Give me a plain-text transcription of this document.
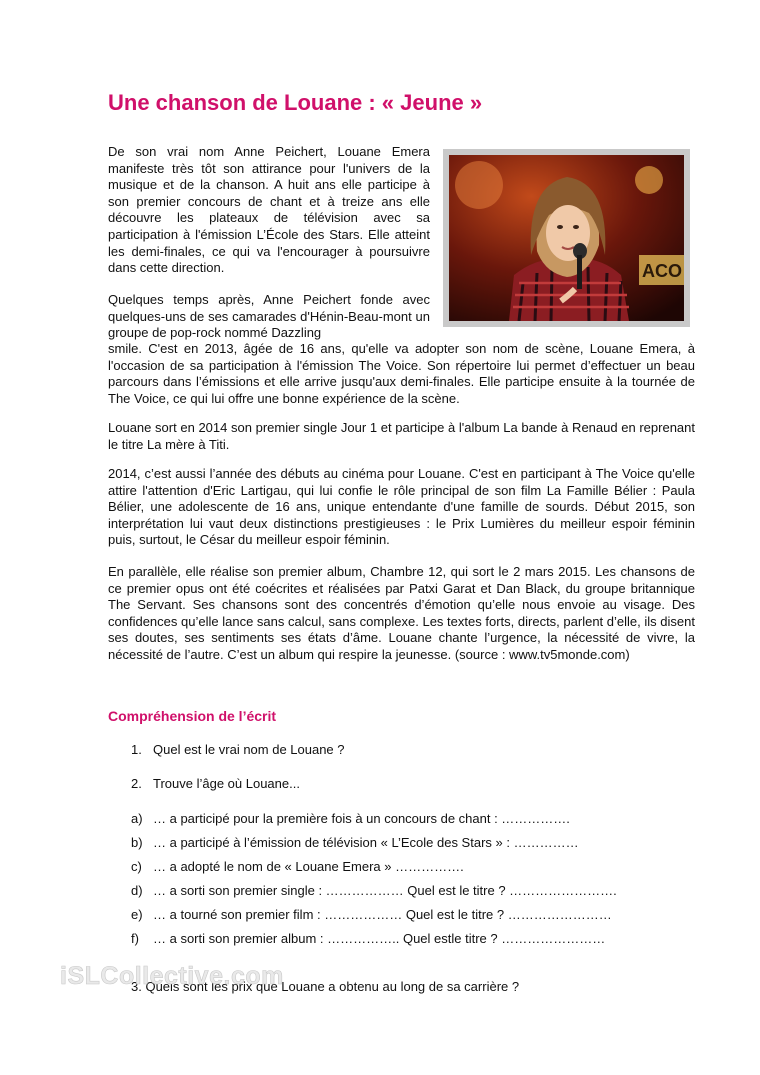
Une chanson de Louane : « Jeune »
ACO

De son vrai nom Anne Peichert, Louane Emera manifeste très tôt son attirance pour l'univers de la musique et de la chanson. A huit ans elle participe à son premier concours de chant et à treize ans elle découvre les plateaux de télévision avec sa participation à l'émission L’École des Stars. Elle atteint les demi-finales, ce qui va l'encourager à poursuivre dans cette direction.

Quelques temps après, Anne Peichert fonde avec quelques-uns de ses camarades d'Hénin-Beau-mont un groupe de pop-rock nommé Dazzling

smile. C'est en 2013, âgée de 16 ans, qu'elle va adopter son nom de scène, Louane Emera, à l'occasion de sa participation à l'émission The Voice. Son répertoire lui permet d’effectuer un beau parcours dans l’émissions et elle arrive jusqu'aux demi-finales. Elle participe ensuite à la tournée de The Voice, ce qui lui offre une bonne expérience de la scène.

Louane sort en 2014 son premier single Jour 1 et participe à l'album La bande à Renaud en reprenant le titre La mère à Titi.

2014, c’est aussi l’année des débuts au cinéma pour Louane. C'est en participant à The Voice qu'elle attire l'attention d'Eric Lartigau, qui lui confie le rôle principal de son film La Famille Bélier : Paula Bélier, une adolescente de 16 ans, unique entendante d'une famille de sourds. Début 2015, son interprétation lui vaut deux distinctions prestigieuses : le Prix Lumières du meilleur espoir féminin puis, surtout, le César du meilleur espoir féminin.

En parallèle, elle réalise son premier album, Chambre 12, qui sort le 2 mars 2015. Les chansons de ce premier opus ont été coécrites et réalisées par Patxi Garat et Dan Black, du groupe britannique The Servant. Ses chansons sont des concentrés d’émotion qu’elle nous envoie au visage. Des confidences qu’elle lance sans calcul, sans complexe. Les textes forts, directs, parlent d’elle, ils disent ses doutes, ses sentiments ses états d’âme. Louane chante l’urgence, la nécessité de vivre, la nécessité de l’autre. C’est un album qui respire la jeunesse. (source : www.tv5monde.com)

Compréhension de l’écrit
1. Quel est le vrai nom de Louane ?
2. Trouve l’âge où Louane...
a) … a participé pour la première fois à un concours de chant : …………….
b) … a participé à l’émission de télévision « L’Ecole des Stars » : ……………
c) … a adopté le nom de « Louane Emera » …………….
d) … a sorti son premier single : ……………… Quel est le titre ? …………………….
e) … a tourné son premier film : ……………… Quel est le titre ? ……………………
f) … a sorti son premier album : …………….. Quel estle titre ? ……………………
3. Quels sont les prix que Louane a obtenu au long de sa carrière ?
iSLCollective.com
